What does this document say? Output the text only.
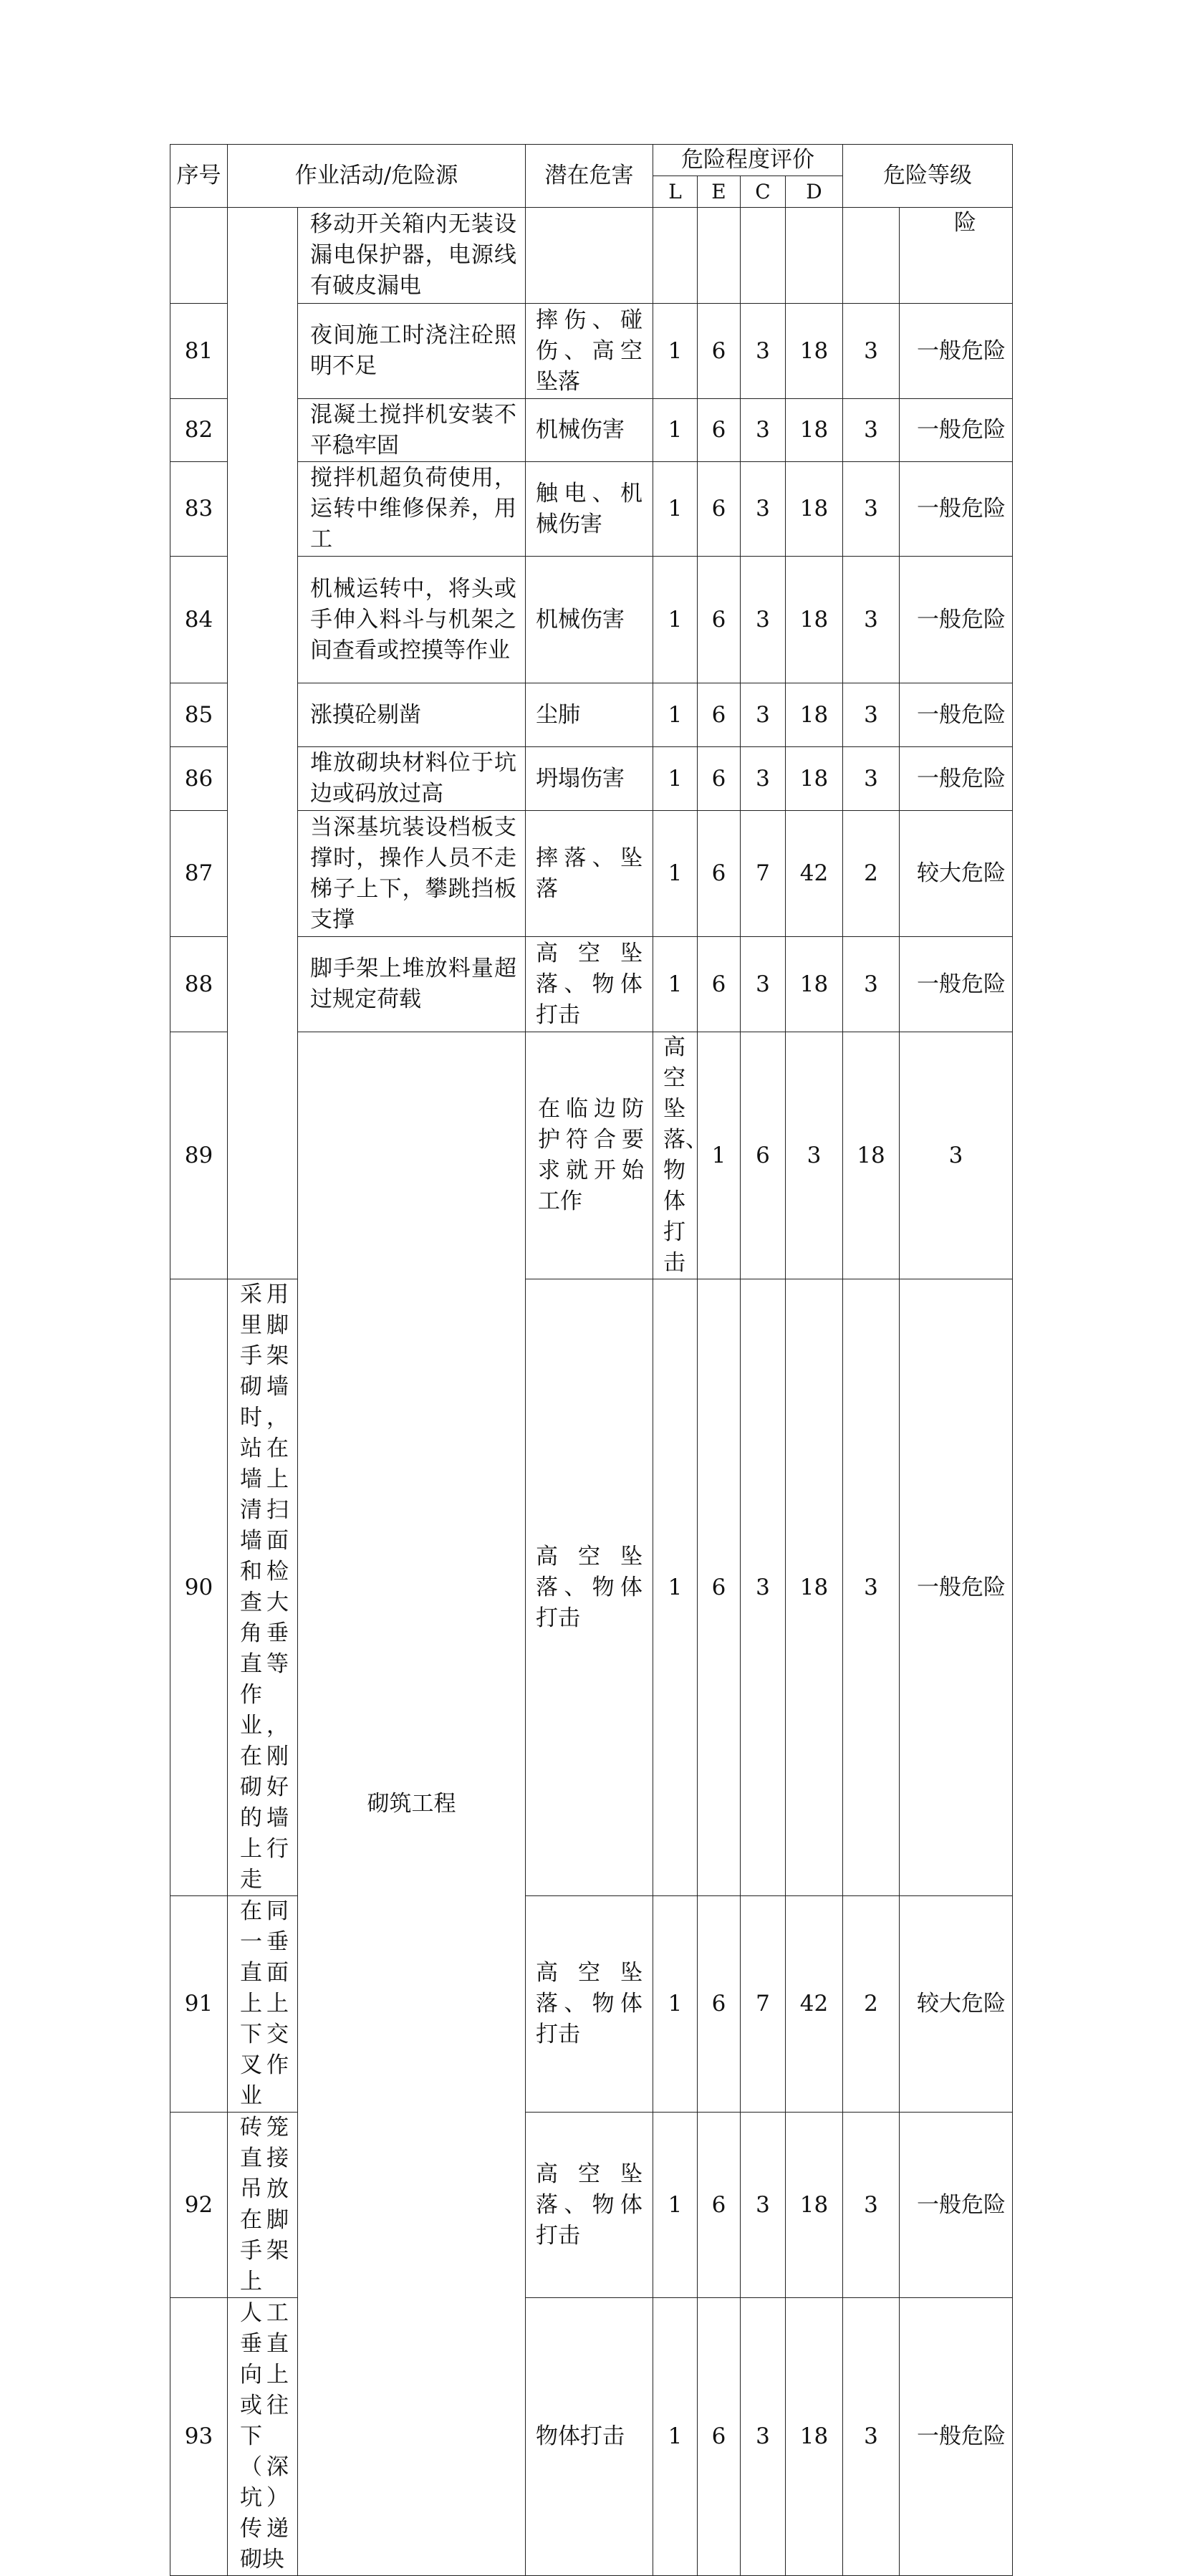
序号	作业活动/危险源		潜在危害	危险程度评价				危险等级		
				L	E	C	D			
		移动开关箱内无装设漏电保护器，电源线有破皮漏电							险	
81		夜间施工时浇注砼照明不足	摔伤、碰伤、高空坠落	1	6	3	18	3	一般危险	
82		混凝土搅拌机安装不平稳牢固	机械伤害	1	6	3	18	3	一般危险	
83		搅拌机超负荷使用，运转中维修保养，用工	触电、机械伤害	1	6	3	18	3	一般危险	
84		机械运转中，将头或手伸入料斗与机架之间查看或控摸等作业	机械伤害	1	6	3	18	3	一般危险	
85		涨摸砼剔凿	尘肺	1	6	3	18	3	一般危险	
86		堆放砌块材料位于坑边或码放过高	坍塌伤害	1	6	3	18	3	一般危险	
87		当深基坑装设档板支撑时，操作人员不走梯子上下，攀跳挡板支撑	摔落、坠落	1	6	7	42	2	较大危险	
88		脚手架上堆放料量超过规定荷载	高空坠落、物体打击	1	6	3	18	3	一般危险	
89		砌筑工程	在临边防护符合要求就开始工作	高空坠落、物体打击	1	6	3	18	3	
90	采用里脚手架砌墙时，站在墙上清扫墙面和检查大角垂直等作业，在刚砌好的墙上行走		高空坠落、物体打击	1	6	3	18	3	一般危险	
91	在同一垂直面上上下交叉作业		高空坠落、物体打击	1	6	7	42	2	较大危险	
92	砖笼直接吊放在脚手架上		高空坠落、物体打击	1	6	3	18	3	一般危险	
93	人工垂直向上或往下（深坑）传递砌块		物体打击	1	6	3	18	3	一般危险	
